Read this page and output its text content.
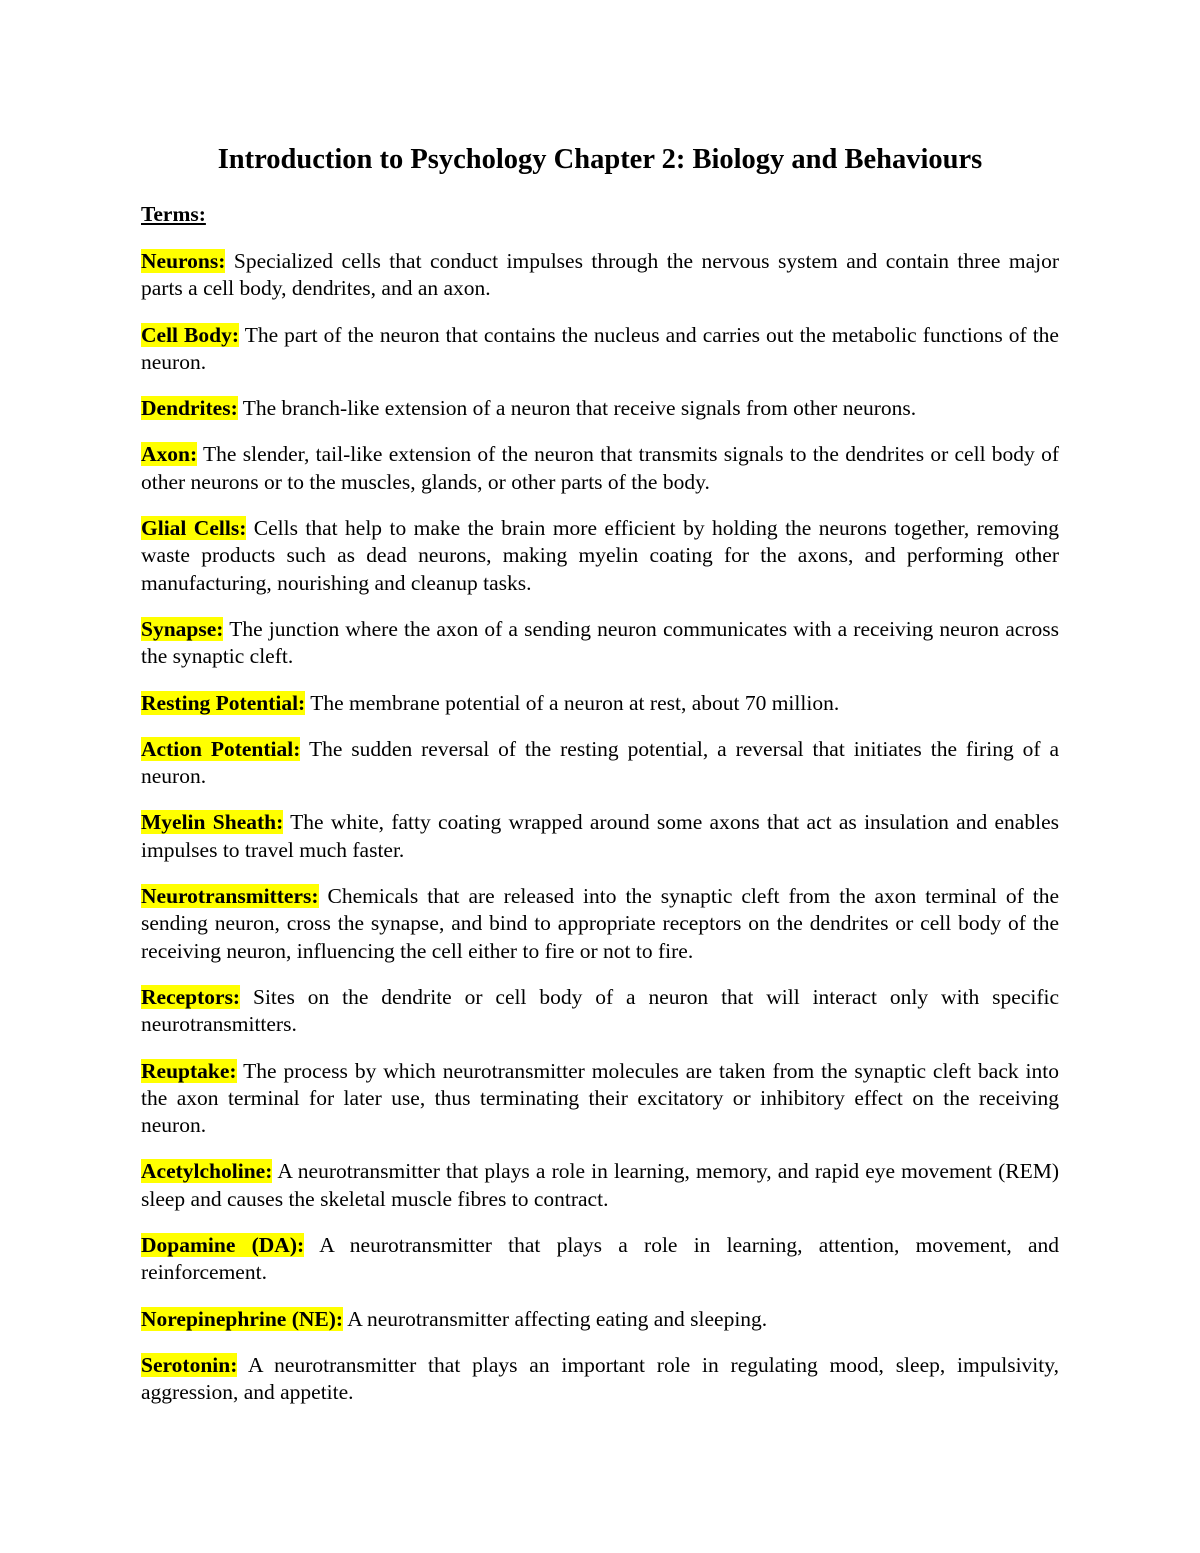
Introduction to Psychology Chapter 2: Biology and Behaviours
Terms:

Neurons: Specialized cells that conduct impulses through the nervous system and contain three major parts a cell body, dendrites, and an axon.

Cell Body: The part of the neuron that contains the nucleus and carries out the metabolic functions of the neuron.

Dendrites: The branch-like extension of a neuron that receive signals from other neurons.

Axon: The slender, tail-like extension of the neuron that transmits signals to the dendrites or cell body of other neurons or to the muscles, glands, or other parts of the body.

Glial Cells: Cells that help to make the brain more efficient by holding the neurons together, removing waste products such as dead neurons, making myelin coating for the axons, and performing other manufacturing, nourishing and cleanup tasks.

Synapse: The junction where the axon of a sending neuron communicates with a receiving neuron across the synaptic cleft.

Resting Potential: The membrane potential of a neuron at rest, about 70 million.

Action Potential: The sudden reversal of the resting potential, a reversal that initiates the firing of a neuron.

Myelin Sheath: The white, fatty coating wrapped around some axons that act as insulation and enables impulses to travel much faster.

Neurotransmitters: Chemicals that are released into the synaptic cleft from the axon terminal of the sending neuron, cross the synapse, and bind to appropriate receptors on the dendrites or cell body of the receiving neuron, influencing the cell either to fire or not to fire.

Receptors: Sites on the dendrite or cell body of a neuron that will interact only with specific neurotransmitters.

Reuptake: The process by which neurotransmitter molecules are taken from the synaptic cleft back into the axon terminal for later use, thus terminating their excitatory or inhibitory effect on the receiving neuron.

Acetylcholine: A neurotransmitter that plays a role in learning, memory, and rapid eye movement (REM) sleep and causes the skeletal muscle fibres to contract.

Dopamine (DA): A neurotransmitter that plays a role in learning, attention, movement, and reinforcement.

Norepinephrine (NE): A neurotransmitter affecting eating and sleeping.

Serotonin: A neurotransmitter that plays an important role in regulating mood, sleep, impulsivity, aggression, and appetite.
